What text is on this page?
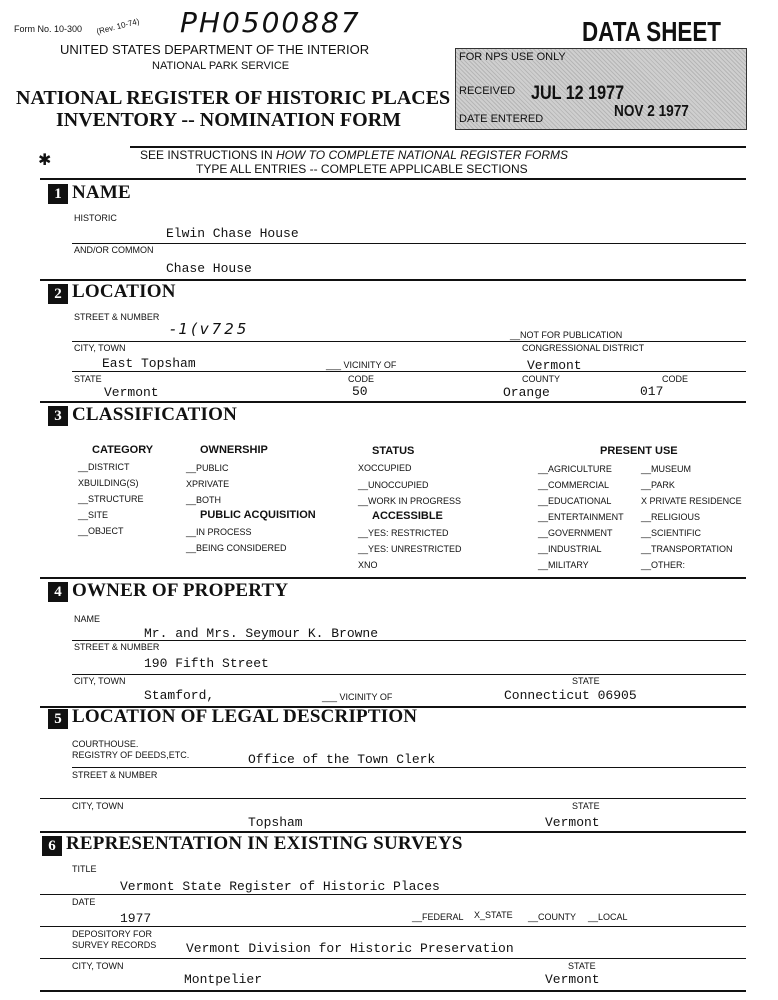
PH0500887
Form No. 10-300 (Rev. 10-74)
UNITED STATES DEPARTMENT OF THE INTERIOR
NATIONAL PARK SERVICE
NATIONAL REGISTER OF HISTORIC PLACES
INVENTORY -- NOMINATION FORM
DATA SHEET
FOR NPS USE ONLY
RECEIVED JUL 12 1977
DATE ENTERED	NOV 2 1977
✱	SEE INSTRUCTIONS IN HOW TO COMPLETE NATIONAL REGISTER FORMS
TYPE ALL ENTRIES -- COMPLETE APPLICABLE SECTIONS
1 NAME
HISTORIC
Elwin Chase House
AND/OR COMMON
Chase House
2 LOCATION
STREET & NUMBER
-1(v725	__NOT FOR PUBLICATION
CITY, TOWN	CONGRESSIONAL DISTRICT
East Topsham	___ VICINITY OF	Vermont
STATE	CODE	COUNTY	CODE
Vermont	50	Orange	017
3 CLASSIFICATION
CATEGORY	OWNERSHIP	STATUS	PRESENT USE
PUBLIC ACQUISITION	ACCESSIBLE
__DISTRICT
XBUILDING(S)
__STRUCTURE
__SITE
__OBJECT
__PUBLIC
XPRIVATE
__BOTH
__IN PROCESS
__BEING CONSIDERED
XOCCUPIED
__UNOCCUPIED
__WORK IN PROGRESS
__YES: RESTRICTED
__YES: UNRESTRICTED
XNO
__AGRICULTURE
__COMMERCIAL
__EDUCATIONAL
__ENTERTAINMENT
__GOVERNMENT
__INDUSTRIAL
__MILITARY
__MUSEUM
__PARK
X PRIVATE RESIDENCE
__RELIGIOUS
__SCIENTIFIC
__TRANSPORTATION
__OTHER:
4 OWNER OF PROPERTY
NAME
Mr. and Mrs. Seymour K. Browne
STREET & NUMBER
190 Fifth Street
CITY, TOWN	STATE
Stamford,	___ VICINITY OF	Connecticut 06905
5 LOCATION OF LEGAL DESCRIPTION
COURTHOUSE.
REGISTRY OF DEEDS,ETC.	Office of the Town Clerk
STREET & NUMBER
CITY, TOWN	STATE
Topsham	Vermont
6 REPRESENTATION IN EXISTING SURVEYS
TITLE
Vermont State Register of Historic Places
DATE
1977	__FEDERAL X_STATE __COUNTY __LOCAL
DEPOSITORY FOR
SURVEY RECORDS Vermont Division for Historic Preservation
CITY, TOWN	STATE
Montpelier	Vermont
